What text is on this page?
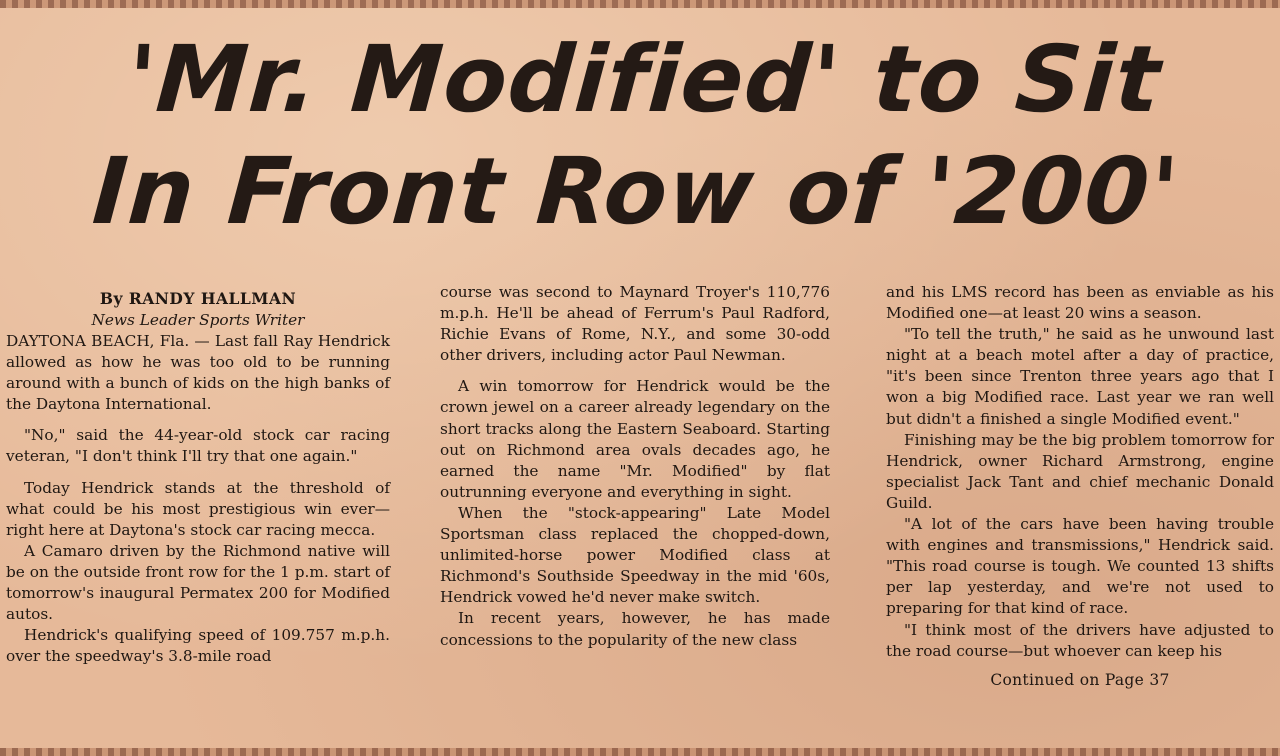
'Mr. Modified' to Sit
In Front Row of '200'
By RANDY HALLMAN
News Leader Sports Writer

DAYTONA BEACH, Fla. — Last fall Ray Hendrick allowed as how he was too old to be running around with a bunch of kids on the high banks of the Daytona International.

"No," said the 44-year-old stock car racing veteran, "I don't think I'll try that one again."

Today Hendrick stands at the threshold of what could be his most prestigious win ever—right here at Daytona's stock car racing mecca.

A Camaro driven by the Richmond native will be on the outside front row for the 1 p.m. start of tomorrow's inaugural Permatex 200 for Modified autos.

Hendrick's qualifying speed of 109.757 m.p.h. over the speedway's 3.8-mile road

course was second to Maynard Troyer's 110,776 m.p.h. He'll be ahead of Ferrum's Paul Radford, Richie Evans of Rome, N.Y., and some 30-odd other drivers, including actor Paul Newman.

A win tomorrow for Hendrick would be the crown jewel on a career already legendary on the short tracks along the Eastern Seaboard. Starting out on Richmond area ovals decades ago, he earned the name "Mr. Modified" by flat outrunning everyone and everything in sight.

When the "stock-appearing" Late Model Sportsman class replaced the chopped-down, unlimited-horse power Modified class at Richmond's Southside Speedway in the mid '60s, Hendrick vowed he'd never make switch.

In recent years, however, he has made concessions to the popularity of the new class

and his LMS record has been as enviable as his Modified one—at least 20 wins a season.

"To tell the truth," he said as he unwound last night at a beach motel after a day of practice, "it's been since Trenton three years ago that I won a big Modified race. Last year we ran well but didn't a finished a single Modified event."

Finishing may be the big problem tomorrow for Hendrick, owner Richard Armstrong, engine specialist Jack Tant and chief mechanic Donald Guild.

"A lot of the cars have been having trouble with engines and transmissions," Hendrick said. "This road course is tough. We counted 13 shifts per lap yesterday, and we're not used to preparing for that kind of race.

"I think most of the drivers have adjusted to the road course—but whoever can keep his

Continued on Page 37
